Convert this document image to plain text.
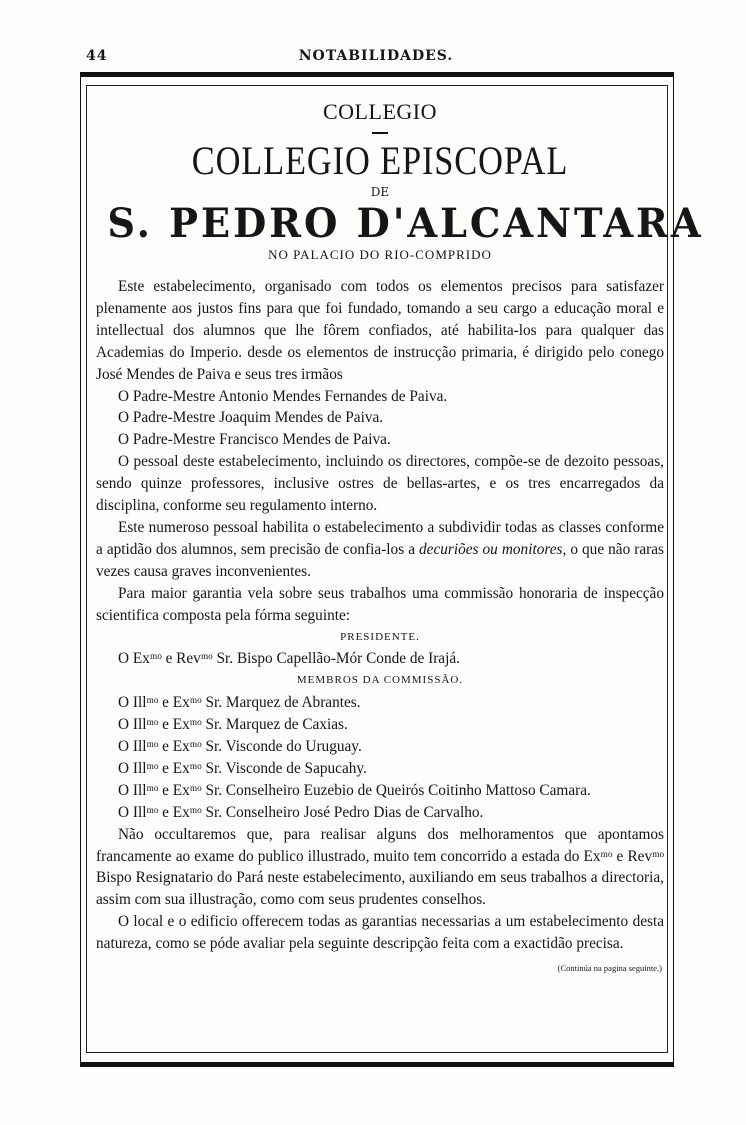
44	NOTABILIDADES.
COLLEGIO
COLLEGIO EPISCOPAL
DE
S. PEDRO D'ALCANTARA
NO PALACIO DO RIO-COMPRIDO

Este estabelecimento, organisado com todos os elementos precisos para satisfazer plenamente aos justos fins para que foi fundado, tomando a seu cargo a educação moral e intellectual dos alumnos que lhe fôrem confiados, até habilita-los para qualquer das Academias do Imperio. desde os elementos de instrucção primaria, é dirigido pelo conego José Mendes de Paiva e seus tres irmãos

O Padre-Mestre Antonio Mendes Fernandes de Paiva.

O Padre-Mestre Joaquim Mendes de Paiva.

O Padre-Mestre Francisco Mendes de Paiva.

O pessoal deste estabelecimento, incluindo os directores, compõe-se de dezoito pessoas, sendo quinze professores, inclusive ostres de bellas-artes, e os tres encarregados da disciplina, conforme seu regulamento interno.

Este numeroso pessoal habilita o estabelecimento a subdividir todas as classes conforme a aptidão dos alumnos, sem precisão de confia-los a decuriões ou monitores, o que não raras vezes causa graves inconvenientes.

Para maior garantia vela sobre seus trabalhos uma commissão honoraria de inspecção scientifica composta pela fórma seguinte:

PRESIDENTE.

O Exᵐᵒ e Revᵐᵒ Sr. Bispo Capellão-Mór Conde de Irajá.

MEMBROS DA COMMISSÃO.

O Illᵐᵒ e Exᵐᵒ Sr. Marquez de Abrantes.

O Illᵐᵒ e Exᵐᵒ Sr. Marquez de Caxias.

O Illᵐᵒ e Exᵐᵒ Sr. Visconde do Uruguay.

O Illᵐᵒ e Exᵐᵒ Sr. Visconde de Sapucahy.

O Illᵐᵒ e Exᵐᵒ Sr. Conselheiro Euzebio de Queirós Coitinho Mattoso Camara.

O Illᵐᵒ e Exᵐᵒ Sr. Conselheiro José Pedro Dias de Carvalho.

Não occultaremos que, para realisar alguns dos melhoramentos que apontamos francamente ao exame do publico illustrado, muito tem concorrido a estada do Exᵐᵒ e Revᵐᵒ Bispo Resignatario do Pará neste estabelecimento, auxiliando em seus trabalhos a directoria, assim com sua illustração, como com seus prudentes conselhos.

O local e o edificio offerecem todas as garantias necessarias a um estabelecimento desta natureza, como se póde avaliar pela seguinte descripção feita com a exactidão precisa.

(Continúa na pagina seguinte.)
